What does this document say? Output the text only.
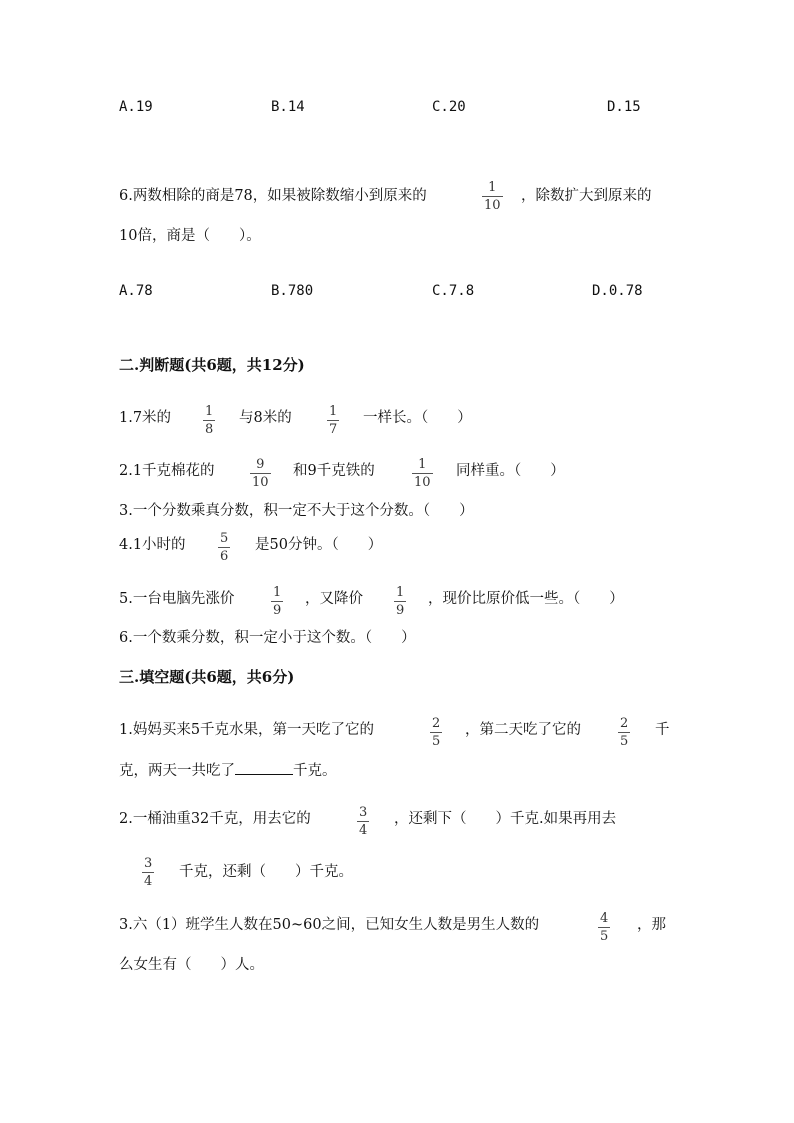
A.19	B.14	C.20	D.15
6.两数相除的商是78，如果被除数缩小到原来的
1
10
，除数扩大到原来的
10倍，商是（　　）。
A.78	B.780	C.7.8	D.0.78
二.判断题(共6题，共12分)
1.7米的	1
8
与8米的	1
7
一样长。（　　）
2.1千克棉花的	9
10
和9千克铁的	1
10
同样重。（　　）
3.一个分数乘真分数，积一定不大于这个分数。（　　）
4.1小时的	5
6
是50分钟。（　　）
5.一台电脑先涨价	1
9
，又降价	1
9
，现价比原价低一些。（　　）
6.一个数乘分数，积一定小于这个数。（　　）
三.填空题(共6题，共6分)
1.妈妈买来5千克水果，第一天吃了它的	2
5
，第二天吃了它的	2
5
千
克，两天一共吃了	千克。
2.一桶油重32千克，用去它的	3
4
，还剩下（　　）千克.如果再用去
3
4
千克，还剩（　　）千克。
3.六（1）班学生人数在50~60之间，已知女生人数是男生人数的	4
5
，那
么女生有（　　）人。
